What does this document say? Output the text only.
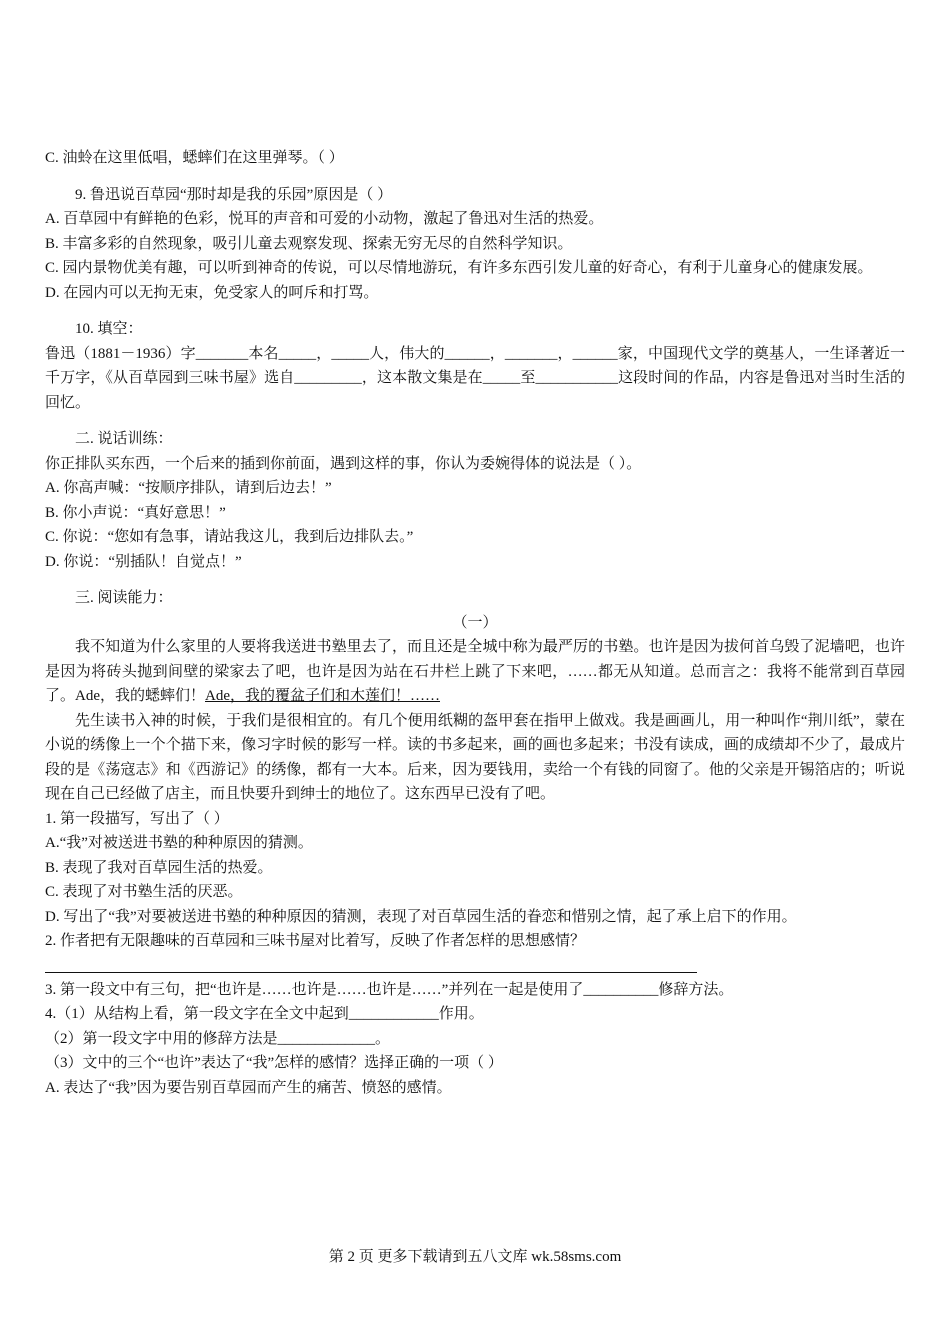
C. 油蛉在这里低唱，蟋蟀们在这里弹琴。（ ）

9. 鲁迅说百草园“那时却是我的乐园”原因是（ ）

A. 百草园中有鲜艳的色彩，悦耳的声音和可爱的小动物，激起了鲁迅对生活的热爱。

B. 丰富多彩的自然现象，吸引儿童去观察发现、探索无穷无尽的自然科学知识。

C. 园内景物优美有趣，可以听到神奇的传说，可以尽情地游玩，有许多东西引发儿童的好奇心，有利于儿童身心的健康发展。

D. 在园内可以无拘无束，免受家人的呵斥和打骂。

10. 填空：

鲁迅（1881－1936）字_______本名_____，_____人，伟大的______，_______，______家，中国现代文学的奠基人，一生译著近一千万字，《从百草园到三味书屋》选自_________，这本散文集是在_____至___________这段时间的作品，内容是鲁迅对当时生活的回忆。

二. 说话训练：

你正排队买东西，一个后来的插到你前面，遇到这样的事，你认为委婉得体的说法是（ ）。

A. 你高声喊：“按顺序排队，请到后边去！”

B. 你小声说：“真好意思！”

C. 你说：“您如有急事，请站我这儿，我到后边排队去。”

D. 你说：“别插队！自觉点！”

三. 阅读能力：

（一）

我不知道为什么家里的人要将我送进书塾里去了，而且还是全城中称为最严厉的书塾。也许是因为拔何首乌毁了泥墙吧，也许是因为将砖头抛到间壁的梁家去了吧，也许是因为站在石井栏上跳了下来吧，……都无从知道。总而言之：我将不能常到百草园了。Ade，我的蟋蟀们！Ade，我的覆盆子们和木莲们！……

先生读书入神的时候，于我们是很相宜的。有几个便用纸糊的盔甲套在指甲上做戏。我是画画儿，用一种叫作“荆川纸”，蒙在小说的绣像上一个个描下来，像习字时候的影写一样。读的书多起来，画的画也多起来；书没有读成，画的成绩却不少了，最成片段的是《荡寇志》和《西游记》的绣像，都有一大本。后来，因为要钱用，卖给一个有钱的同窗了。他的父亲是开锡箔店的；听说现在自己已经做了店主，而且快要升到绅士的地位了。这东西早已没有了吧。

1. 第一段描写，写出了（ ）

A.“我”对被送进书塾的种种原因的猜测。

B. 表现了我对百草园生活的热爱。

C. 表现了对书塾生活的厌恶。

D. 写出了“我”对要被送进书塾的种种原因的猜测，表现了对百草园生活的眷恋和惜别之情，起了承上启下的作用。

2. 作者把有无限趣味的百草园和三味书屋对比着写，反映了作者怎样的思想感情？

3. 第一段文中有三句，把“也许是……也许是……也许是……”并列在一起是使用了__________修辞方法。

4.（1）从结构上看，第一段文字在全文中起到____________作用。

（2）第一段文字中用的修辞方法是_____________。

（3）文中的三个“也许”表达了“我”怎样的感情？选择正确的一项（ ）

A. 表达了“我”因为要告别百草园而产生的痛苦、愤怒的感情。

第 2 页 更多下载请到五八文库 wk.58sms.com
